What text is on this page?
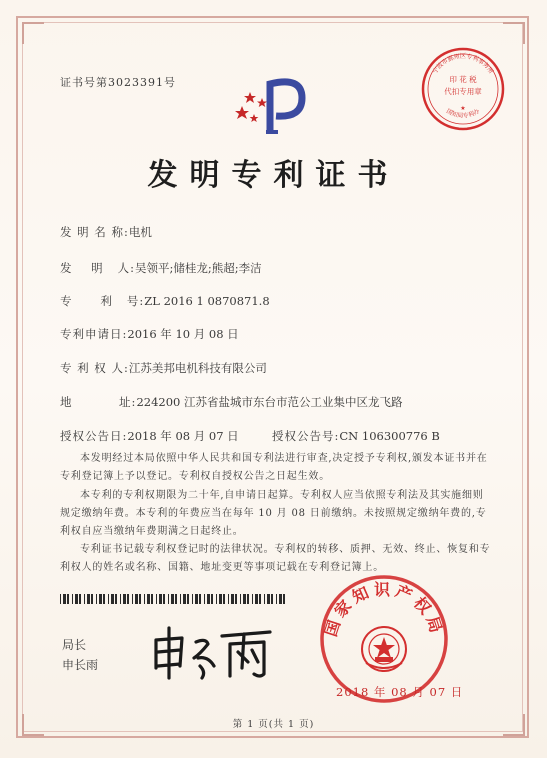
证书号第3023391号	印 花 税
代扣专用章
★
宁波市鄞州区专利事务所
国知局专利办
发明专利证书
发 明 名 称:电机
发    明   人:吴领平;储桂龙;熊超;李洁
专      利   号:ZL 2016 1 0870871.8
专利申请日:2016 年 10 月 08 日
专 利 权 人:江苏美邦电机科技有限公司
地          址:224200 江苏省盐城市东台市范公工业集中区龙飞路
授权公告日:2018 年 08 月 07 日	授权公告号:CN 106300776 B
本发明经过本局依照中华人民共和国专利法进行审查,决定授予专利权,颁发本证书并在专利登记簿上予以登记。专利权自授权公告之日起生效。
本专利的专利权期限为二十年,自申请日起算。专利权人应当依照专利法及其实施细则规定缴纳年费。本专利的年费应当在每年 10 月 08 日前缴纳。未按照规定缴纳年费的,专利权自应当缴纳年费期满之日起终止。
专利证书记载专利权登记时的法律状况。专利权的转移、质押、无效、终止、恢复和专利权人的姓名或名称、国籍、地址变更等事项记载在专利登记簿上。
局长
申长雨
国家知识产权局
2018 年 08 月 07 日
第 1 页(共 1 页)
